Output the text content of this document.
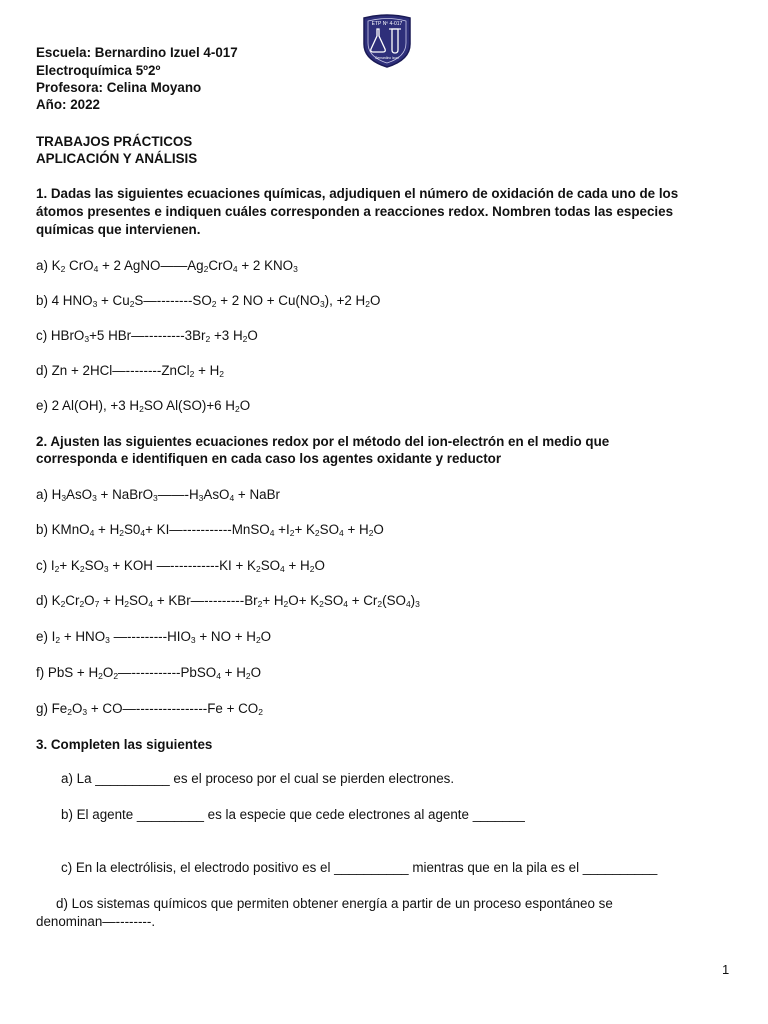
ETP Nº 4-017
Bernardino Izuel
Escuela: Bernardino Izuel 4-017
Electroquímica 5º2º
Profesora: Celina Moyano
Año: 2022
TRABAJOS PRÁCTICOS
APLICACIÓN Y ANÁLISIS
1. Dadas las siguientes ecuaciones químicas, adjudiquen el número de oxidación de cada uno de los
átomos presentes e indiquen cuáles corresponden a reacciones redox. Nombren todas las especies
químicas que intervienen.
a) $K_2$ CrO$_4$ + 2 $AgNO——Ag_2CrO_4 + 2$ $KNO_3$
b) 4 $HNO_3$ + $Cu_2S—--------SO_2 + 2$ NO + $Cu(NO_3)$, +2 $H_2O$
c) HBrO$_3$+5 $HBr—---------3Br_2 +3$ $H_2O$
d) Zn + 2HCl—--------ZnCl$_2$ + $H_2$
e) 2 Al(OH), +3 $H_2SO$ Al(SO)+6 $H_2O$
2. Ajusten las siguientes ecuaciones redox por el método del ion-electrón en el medio que
corresponda e identifiquen en cada caso los agentes oxidante y reductor
a) $H_3AsO_3$ + $NaBrO_3——-H_3AsO_4$ + NaBr
b) KMnO$_4$ + $H_2S0_4+$ KI—-----------MnSO$_4$ $+I_2+ K_2SO_4 + H_2O$
c) $I_2+ K_2SO_3$ + KOH —-----------KI + $K_2SO_4 + H_2O$
d) $K_2Cr_2O_7 + H_2SO_4$ + $KBr—---------Br_2+ H_2O+ K_2SO_4 + Cr_2(SO_4)_3$
e) $I_2 + HNO_3$ $—---------HIO_3$ + NO + $H_2O$
f) PbS + $H_2O_2—-----------PbSO_4 + H_2O$
g) $Fe_2O_3$ + CO—----------------Fe + $CO_2$
3. Completen las siguientes
a) La __________ es el proceso por el cual se pierden electrones.
b) El agente _________ es la especie que cede electrones al agente _______
c) En la electrólisis, el electrodo positivo es el __________ mientras que en la pila es el __________
d) Los sistemas químicos que permiten obtener energía a partir de un proceso espontáneo se
denominan—--------.
1
